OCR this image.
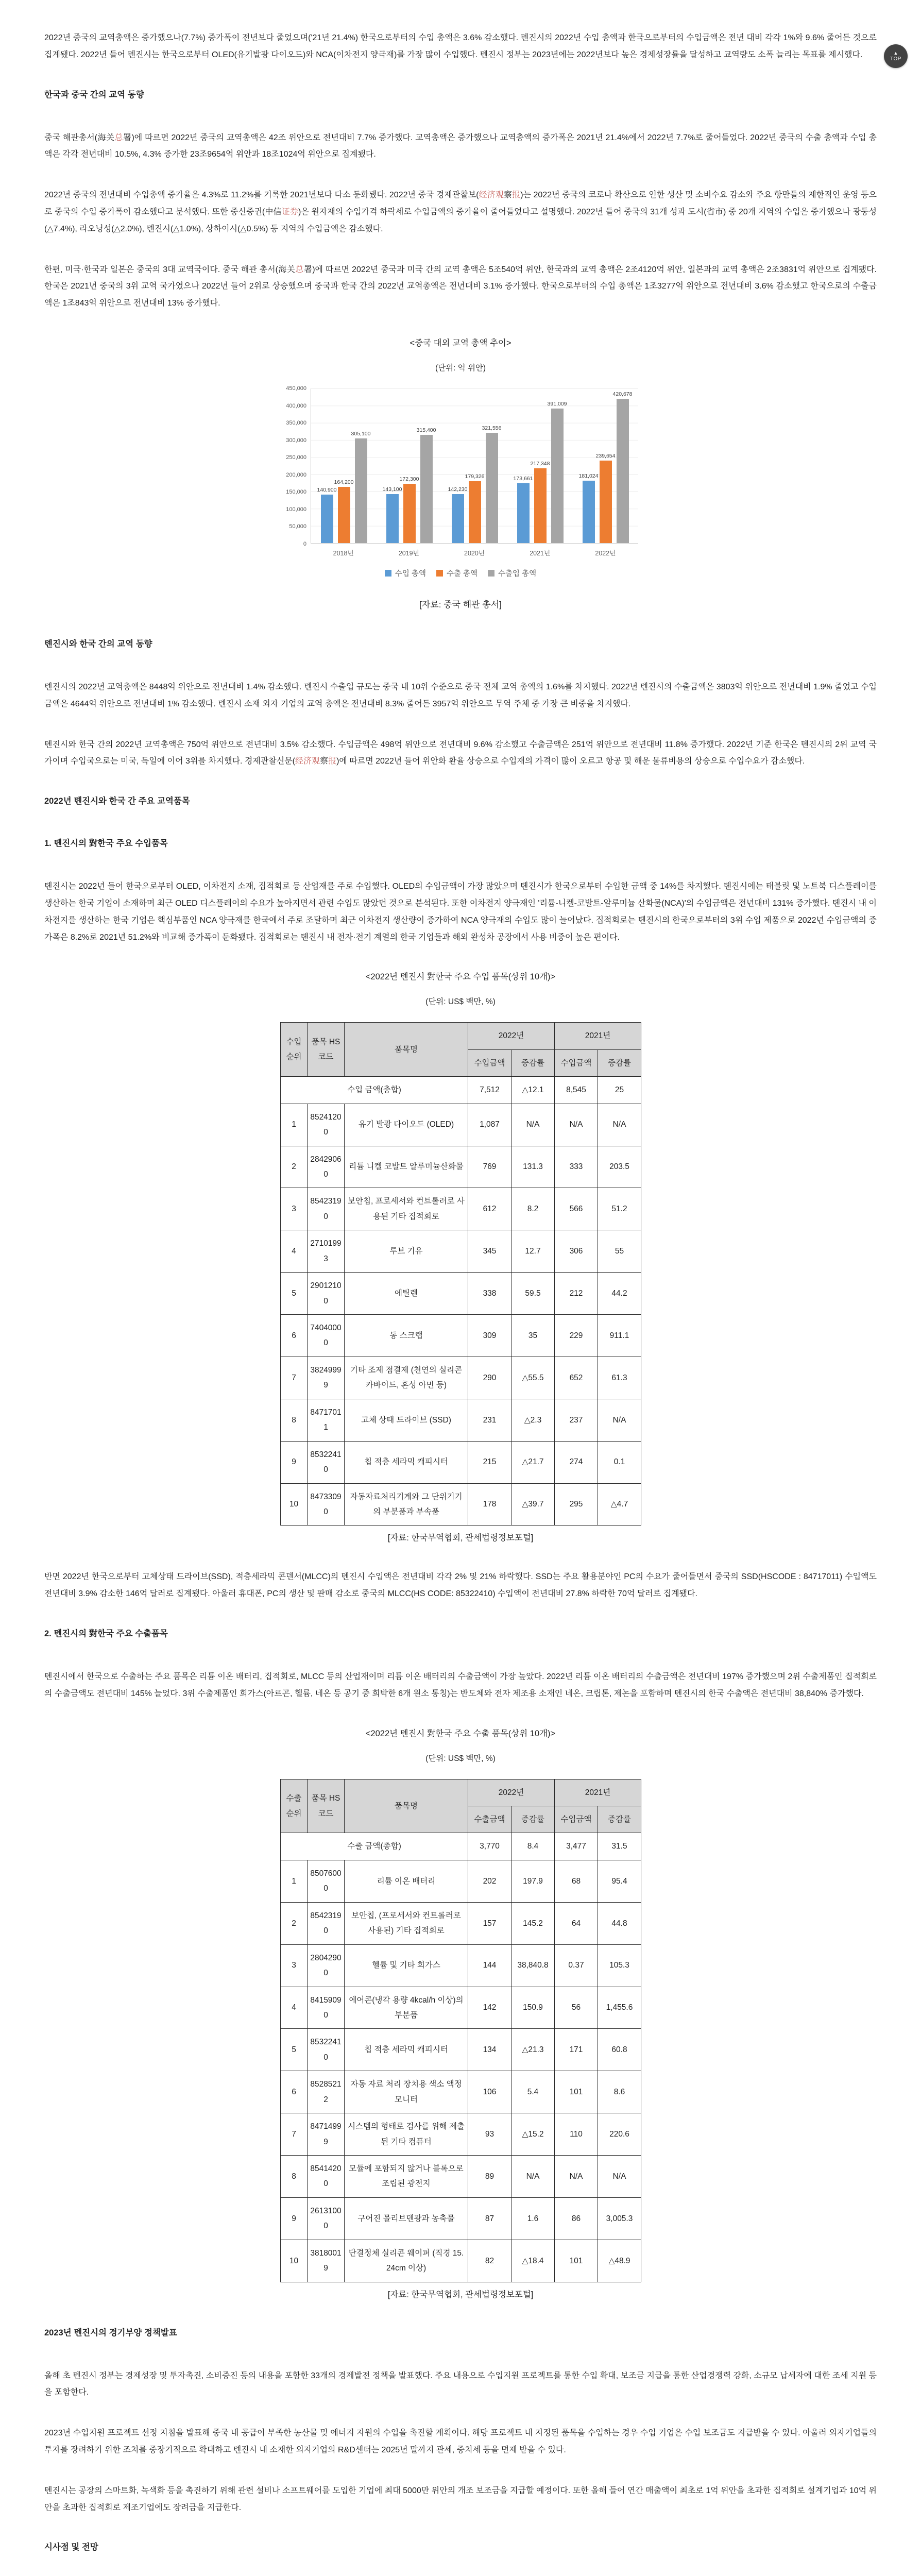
▲
TOP

2022년 중국의 교역총액은 증가했으나(7.7%) 증가폭이 전년보다 줄었으며('21년 21.4%) 한국으로부터의 수입 총액은 3.6% 감소했다. 톈진시의 2022년 수입 총액과 한국으로부터의 수입금액은 전년 대비 각각 1%와 9.6% 줄어든 것으로 집계됐다. 2022년 들어 톈진시는 한국으로부터 OLED(유기발광 다이오드)와 NCA(이차전지 양극재)를 가장 많이 수입했다. 톈진시 정부는 2023년에는 2022년보다 높은 경제성장률을 달성하고 교역량도 소폭 늘리는 목표를 제시했다.

한국과 중국 간의 교역 동향

중국 해관총서(海关总署)에 따르면 2022년 중국의 교역총액은 42조 위안으로 전년대비 7.7% 증가했다. 교역총액은 증가했으나 교역총액의 증가폭은 2021년 21.4%에서 2022년 7.7%로 줄어들었다. 2022년 중국의 수출 총액과 수입 총액은 각각 전년대비 10.5%, 4.3% 증가한 23조9654억 위안과 18조1024억 위안으로 집계됐다.

2022년 중국의 전년대비 수입총액 증가율은 4.3%로 11.2%를 기록한 2021년보다 다소 둔화됐다. 2022년 중국 경제관찰보(经济观察报)는 2022년 중국의 코로나 확산으로 인한 생산 및 소비수요 감소와 주요 항만들의 제한적인 운영 등으로 중국의 수입 증가폭이 감소했다고 분석했다. 또한 중신증권(中信证券)은 원자재의 수입가격 하락세로 수입금액의 증가율이 줄어들었다고 설명했다. 2022년 들어 중국의 31개 성과 도시(省市) 중 20개 지역의 수입은 증가했으나 광둥성(△7.4%), 라오닝성(△2.0%), 톈진시(△1.0%), 상하이시(△0.5%) 등 지역의 수입금액은 감소했다.

한편, 미국·한국과 일본은 중국의 3대 교역국이다. 중국 해관 총서(海关总署)에 따르면 2022년 중국과 미국 간의 교역 총액은 5조540억 위안, 한국과의 교역 총액은 2조4120억 위안, 일본과의 교역 총액은 2조3831억 위안으로 집계됐다. 한국은 2021년 중국의 3위 교역 국가였으나 2022년 들어 2위로 상승했으며 중국과 한국 간의 2022년 교역총액은 전년대비 3.1% 증가했다. 한국으로부터의 수입 총액은 1조3277억 위안으로 전년대비 3.6% 감소했고 한국으로의 수출금액은 1조843억 위안으로 전년대비 13% 증가했다.

<중국 대외 교역 총액 추이>
(단위: 억 위안)
450,000
400,000
350,000
300,000
250,000
200,000
150,000
100,000
50,000
0
140,900
164,200
305,100
143,100
172,300
315,400
142,230
179,326
321,556
173,661
217,348
391,009
181,024
239,654
420,678
2018년	2019년	2020년	2021년	2022년
수입 총액	수출 총액	수출입 총액
[자료: 중국 해관 총서]
톈진시와 한국 간의 교역 동향

톈진시의 2022년 교역총액은 8448억 위안으로 전년대비 1.4% 감소했다. 톈진시 수출입 규모는 중국 내 10위 수준으로 중국 전체 교역 총액의 1.6%를 차지했다. 2022년 톈진시의 수출금액은 3803억 위안으로 전년대비 1.9% 줄었고 수입금액은 4644억 위안으로 전년대비 1% 감소했다. 톈진시 소재 외자 기업의 교역 총액은 전년대비 8.3% 줄어든 3957억 위안으로 무역 주체 중 가장 큰 비중을 차지했다.

톈진시와 한국 간의 2022년 교역총액은 750억 위안으로 전년대비 3.5% 감소했다. 수입금액은 498억 위안으로 전년대비 9.6% 감소했고 수출금액은 251억 위안으로 전년대비 11.8% 증가했다. 2022년 기준 한국은 톈진시의 2위 교역 국가이며 수입국으로는 미국, 독일에 이어 3위를 차지했다. 경제관찰신문(经济观察报)에 따르면 2022년 들어 위안화 환율 상승으로 수입재의 가격이 많이 오르고 항공 및 해운 물류비용의 상승으로 수입수요가 감소했다.

2022년 톈진시와 한국 간 주요 교역품목
1. 톈진시의 對한국 주요 수입품목

톈진시는 2022년 들어 한국으로부터 OLED, 이차전지 소재, 집적회로 등 산업재를 주로 수입했다. OLED의 수입금액이 가장 많았으며 톈진시가 한국으로부터 수입한 금액 중 14%를 차지했다. 톈진시에는 태블릿 및 노트북 디스플레이를 생산하는 한국 기업이 소재하며 최근 OLED 디스플레이의 수요가 높아지면서 관련 수입도 많았던 것으로 분석된다. 또한 이차전지 양극재인 '리튬-니켈-코발트-알루미늄 산화물(NCA)'의 수입금액은 전년대비 131% 증가했다. 톈진시 내 이차전지를 생산하는 한국 기업은 핵심부품인 NCA 양극재를 한국에서 주로 조달하며 최근 이차전지 생산량이 증가하여 NCA 양극재의 수입도 많이 늘어났다. 집적회로는 톈진시의 한국으로부터의 3위 수입 제품으로 2022년 수입금액의 증가폭은 8.2%로 2021년 51.2%와 비교해 증가폭이 둔화됐다. 집적회로는 톈진시 내 전자·전기 계열의 한국 기업들과 해외 완성차 공장에서 사용 비중이 높은 편이다.

<2022년 톈진시 對한국 주요 수입 품목(상위 10개)>
(단위: US$ 백만, %)
수입 순위	품목 HS코드	품목명	2022년		2021년	
			수입금액	증감률	수입금액	증감률
수입 금액(총합)			7,512	△12.1	8,545	25
1	85241200	유기 발광 다이오드 (OLED)	1,087	N/A	N/A	N/A
2	28429060	리튬 니켈 코발트 알루미늄산화물	769	131.3	333	203.5
3	85423190	보안칩, 프로세서와 컨트롤러로 사용된 기타 집적회로	612	8.2	566	51.2
4	27101993	루브 기유	345	12.7	306	55
5	29012100	에틸렌	338	59.5	212	44.2
6	74040000	동 스크랩	309	35	229	911.1
7	38249999	기타 조제 점결제 (천연의 실리콘 카바이드, 혼성 아민 등)	290	△55.5	652	61.3
8	84717011	고체 상태 드라이브 (SSD)	231	△2.3	237	N/A
9	85322410	칩 적층 세라믹 캐피시터	215	△21.7	274	0.1
10	84733090	자동자료처리기계와 그 단위기기의 부분품과 부속품	178	△39.7	295	△4.7
[자료: 한국무역협회, 관세법령정보포털]

반면 2022년 한국으로부터 고체상태 드라이브(SSD), 적층세라믹 콘덴서(MLCC)의 톈진시 수입액은 전년대비 각각 2% 및 21% 하락했다. SSD는 주요 활용분야인 PC의 수요가 줄어들면서 중국의 SSD(HSCODE : 84717011) 수입액도 전년대비 3.9% 감소한 146억 달러로 집계됐다. 아울러 휴대폰, PC의 생산 및 판매 감소로 중국의 MLCC(HS CODE: 85322410) 수입액이 전년대비 27.8% 하락한 70억 달러로 집계됐다.

2. 톈진시의 對한국 주요 수출품목

톈진시에서 한국으로 수출하는 주요 품목은 리튬 이온 배터리, 집적회로, MLCC 등의 산업재이며 리튬 이온 배터리의 수출금액이 가장 높았다. 2022년 리튬 이온 배터리의 수출금액은 전년대비 197% 증가했으며 2위 수출제품인 집적회로의 수출금액도 전년대비 145% 늘었다. 3위 수출제품인 희가스(아르곤, 헬륨, 네온 등 공기 중 희박한 6개 원소 통칭)는 반도체와 전자 제조용 소재인 네온, 크립톤, 제논을 포함하며 톈진시의 한국 수출액은 전년대비 38,840% 증가했다.

<2022년 톈진시 對한국 주요 수출 품목(상위 10개)>
(단위: US$ 백만, %)
수출 순위	품목 HS코드	품목명	2022년		2021년	
			수출금액	증감률	수입금액	증감률
수출 금액(총합)			3,770	8.4	3,477	31.5
1	85076000	리튬 이온 배터리	202	197.9	68	95.4
2	85423190	보안칩, (프로세서와 컨트롤러로 사용된) 기타 집적회로	157	145.2	64	44.8
3	28042900	헬륨 및 기타 희가스	144	38,840.8	0.37	105.3
4	84159090	에어콘(냉각 용량 4kcal/h 이상)의 부분품	142	150.9	56	1,455.6
5	85322410	칩 적층 세라믹 캐피시터	134	△21.3	171	60.8
6	85285212	자동 자료 처리 장치용 색소 액정 모니터	106	5.4	101	8.6
7	84714999	시스템의 형태로 검사를 위해 제출된 기타 컴퓨터	93	△15.2	110	220.6
8	85414200	모듈에 포함되지 않거나 블록으로 조립된 광전지	89	N/A	N/A	N/A
9	26131000	구어진 몰리브덴광과 농축물	87	1.6	86	3,005.3
10	38180019	단결정체 실리콘 웨이퍼 (직경 15.24cm 이상)	82	△18.4	101	△48.9
[자료: 한국무역협회, 관세법령정보포털]
2023년 톈진시의 경기부양 정책발표

올해 초 톈진시 정부는 경제성장 및 투자촉진, 소비증진 등의 내용을 포함한 33개의 경제발전 정책을 발표했다. 주요 내용으로 수입지원 프로젝트를 통한 수입 확대, 보조금 지급을 통한 산업경쟁력 강화, 소규모 납세자에 대한 조세 지원 등을 포함한다.

2023년 수입지원 프로젝트 선정 지침을 발표해 중국 내 공급이 부족한 농산물 및 에너지 자원의 수입을 촉진할 계획이다. 해당 프로젝트 내 지정된 품목을 수입하는 경우 수입 기업은 수입 보조금도 지급받을 수 있다. 아울러 외자기업들의 투자를 장려하기 위한 조치를 중장기적으로 확대하고 톈진시 내 소재한 외자기업의 R&D센터는 2025년 말까지 관세, 증치세 등을 면제 받을 수 있다.

톈진시는 공장의 스마트화, 녹색화 등을 촉진하기 위해 관련 설비나 소프트웨어를 도입한 기업에 최대 5000만 위안의 개조 보조금을 지급할 예정이다. 또한 올해 들어 연간 매출액이 최초로 1억 위안을 초과한 집적회로 설계기업과 10억 위안을 초과한 집적회로 제조기업에도 장려금을 지급한다.

시사점 및 전망
